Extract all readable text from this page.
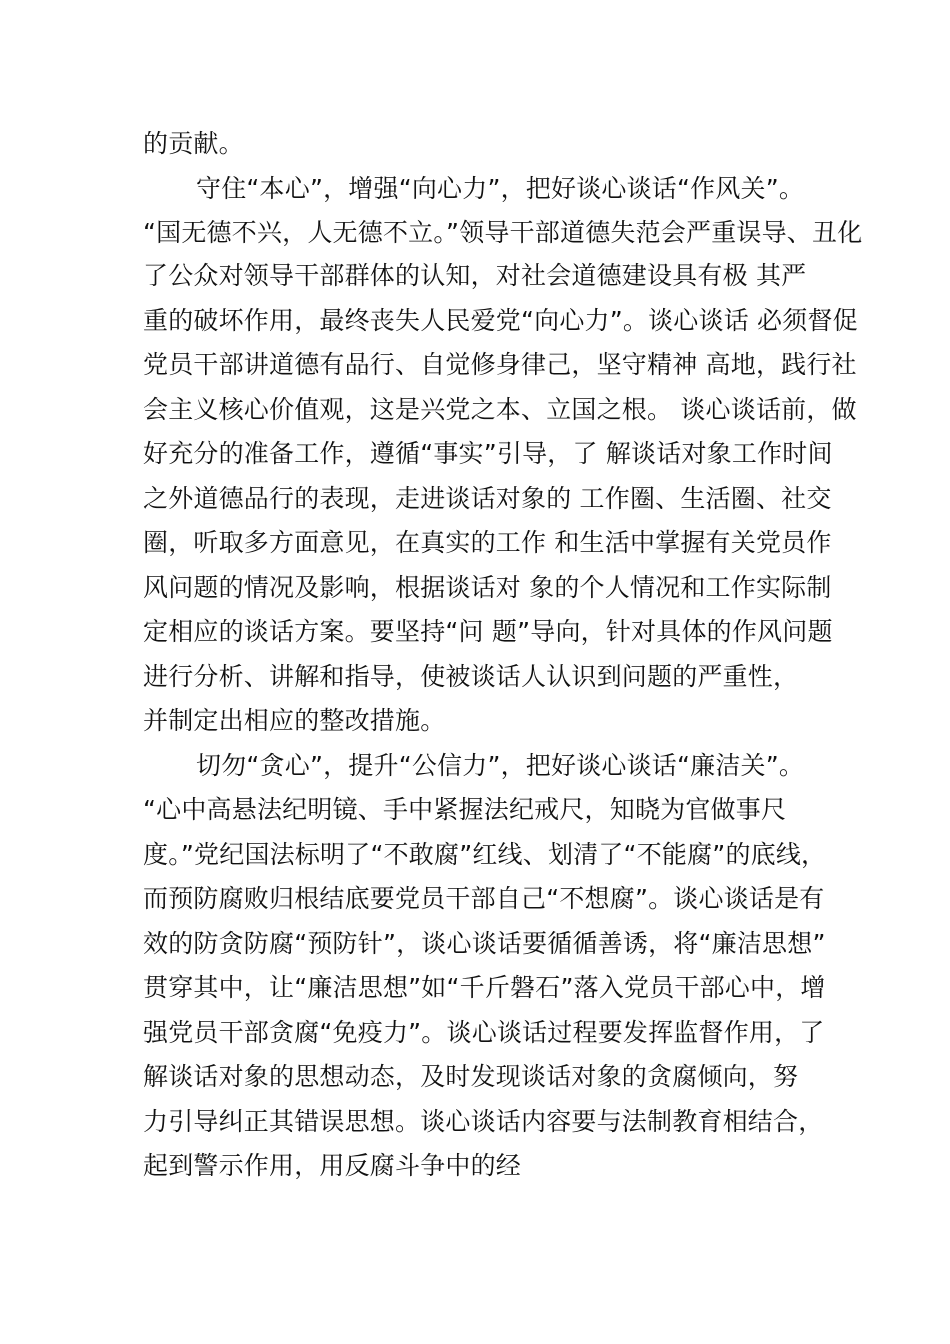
的贡献。
守住“本心”，增强“向心力”，把好谈心谈话“作风关”。
“国无德不兴，人无德不立。”领导干部道德失范会严重误导、丑化
了公众对领导干部群体的认知，对社会道德建设具有极 其严
重的破坏作用，最终丧失人民爱党“向心力”。谈心谈话 必须督促
党员干部讲道德有品行、自觉修身律己，坚守精神 高地，践行社
会主义核心价值观，这是兴党之本、立国之根。 谈心谈话前，做
好充分的准备工作，遵循“事实”引导，了 解谈话对象工作时间
之外道德品行的表现，走进谈话对象的 工作圈、生活圈、社交
圈，听取多方面意见，在真实的工作 和生活中掌握有关党员作
风问题的情况及影响，根据谈话对 象的个人情况和工作实际制
定相应的谈话方案。要坚持“问 题”导向，针对具体的作风问题
进行分析、讲解和指导，使被谈话人认识到问题的严重性，
并制定出相应的整改措施。
切勿“贪心”，提升“公信力”，把好谈心谈话“廉洁关”。
“心中高悬法纪明镜、手中紧握法纪戒尺，知晓为官做事尺
度。”党纪国法标明了“不敢腐”红线、划清了“不能腐”的底线，
而预防腐败归根结底要党员干部自己“不想腐”。谈心谈话是有
效的防贪防腐“预防针”，谈心谈话要循循善诱，将“廉洁思想”
贯穿其中，让“廉洁思想”如“千斤磐石”落入党员干部心中，增
强党员干部贪腐“免疫力”。谈心谈话过程要发挥监督作用，了
解谈话对象的思想动态，及时发现谈话对象的贪腐倾向，努
力引导纠正其错误思想。谈心谈话内容要与法制教育相结合，
起到警示作用，用反腐斗争中的经
